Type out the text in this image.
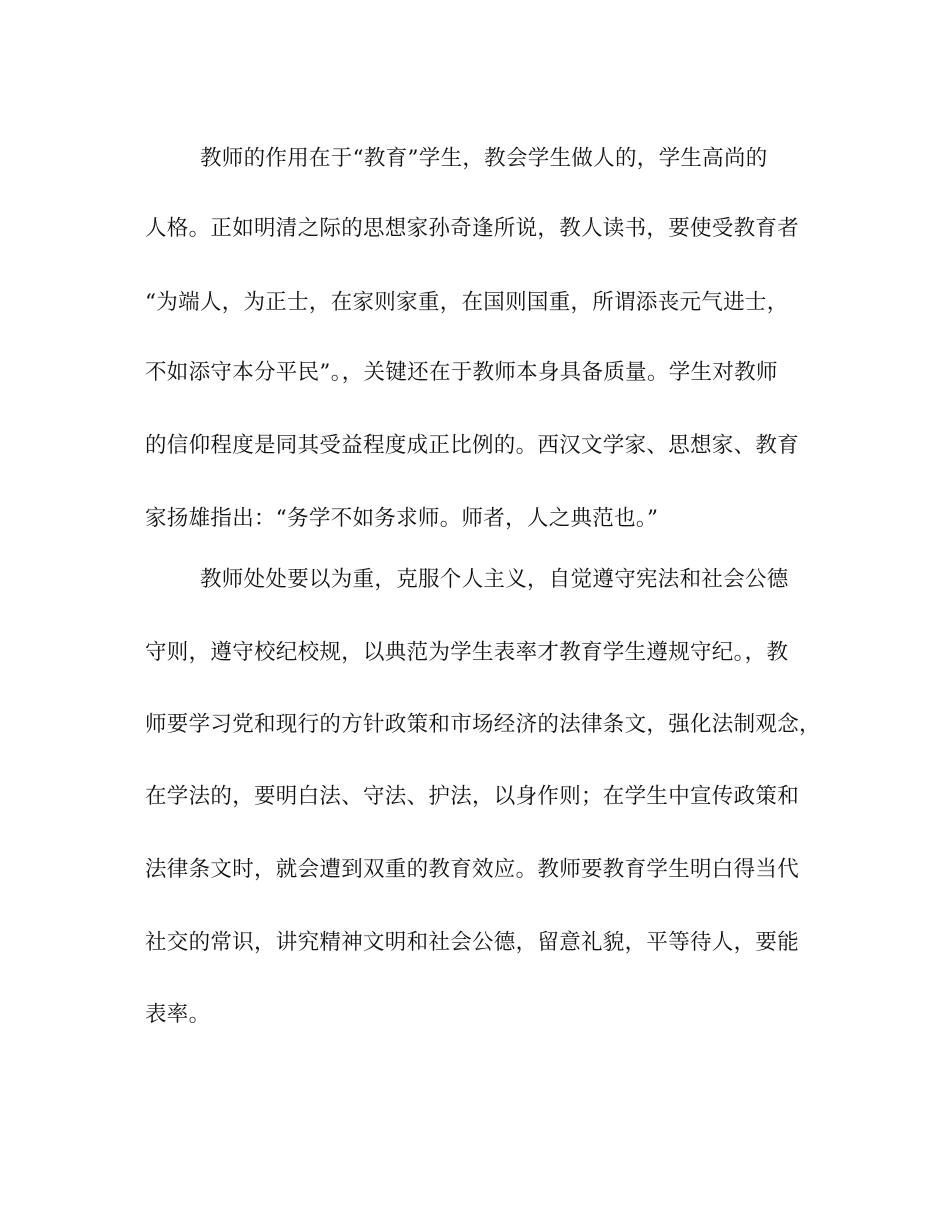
教师的作用在于“教育”学生，教会学生做人的，学生高尚的
人格。正如明清之际的思想家孙奇逢所说，教人读书，要使受教育者
“为端人，为正士，在家则家重，在国则国重，所谓添丧元气进士，
不如添守本分平民”。，关键还在于教师本身具备质量。学生对教师
的信仰程度是同其受益程度成正比例的。西汉文学家、思想家、教育
家扬雄指出：“务学不如务求师。师者，人之典范也。”
教师处处要以为重，克服个人主义，自觉遵守宪法和社会公德
守则，遵守校纪校规，以典范为学生表率才教育学生遵规守纪。，教
师要学习党和现行的方针政策和市场经济的法律条文，强化法制观念，
在学法的，要明白法、守法、护法，以身作则；在学生中宣传政策和
法律条文时，就会遭到双重的教育效应。教师要教育学生明白得当代
社交的常识，讲究精神文明和社会公德，留意礼貌，平等待人，要能
表率。
